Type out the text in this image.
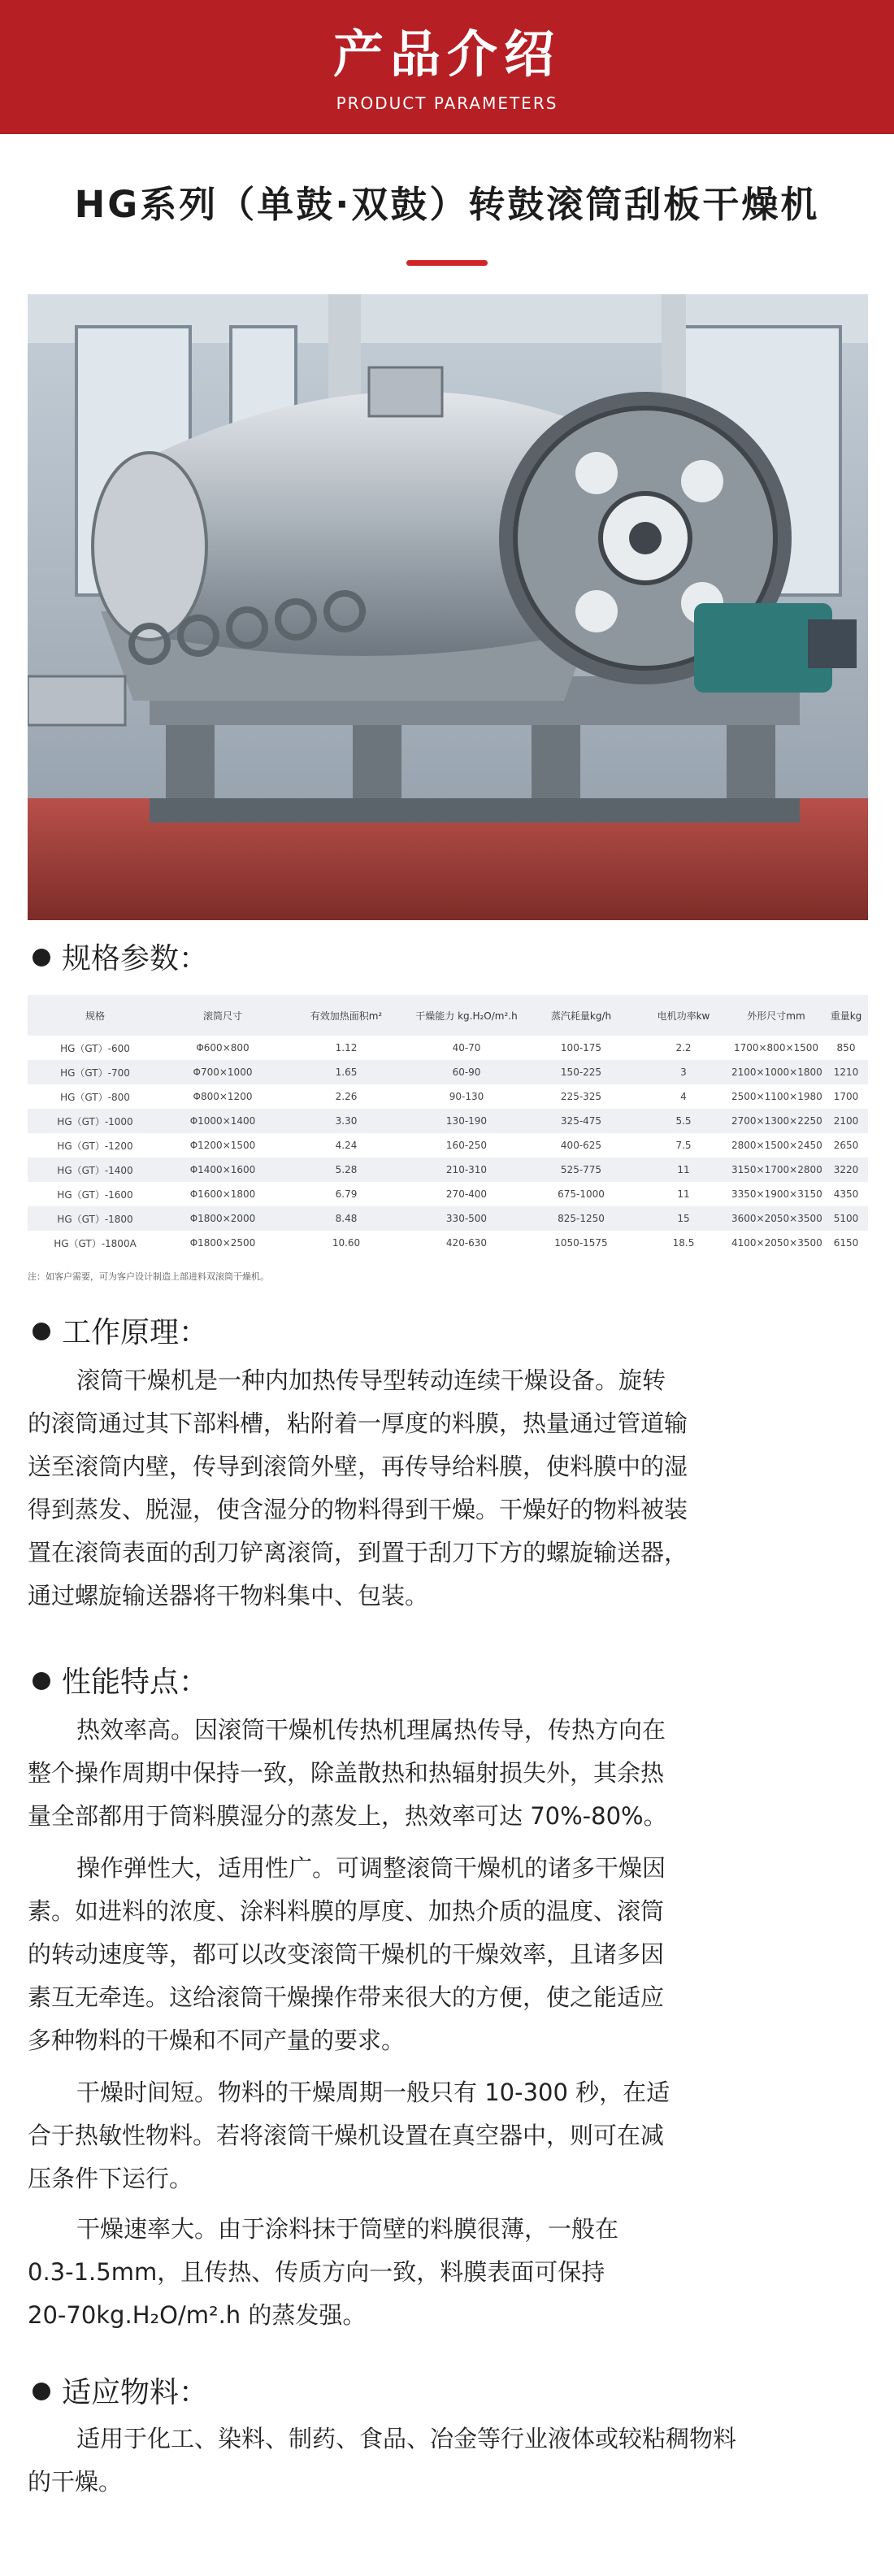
产品介绍
PRODUCT PARAMETERS
HG系列（单鼓·双鼓）转鼓滚筒刮板干燥机
规格参数：
规格	滚筒尺寸	有效加热面积m²	干燥能力 kg.H₂O/m².h	蒸汽耗量kg/h	电机功率kw	外形尺寸mm	重量kg
HG（GT）-600	Φ600×800	1.12	40-70	100-175	2.2	1700×800×1500	850
HG（GT）-700	Φ700×1000	1.65	60-90	150-225	3	2100×1000×1800	1210
HG（GT）-800	Φ800×1200	2.26	90-130	225-325	4	2500×1100×1980	1700
HG（GT）-1000	Φ1000×1400	3.30	130-190	325-475	5.5	2700×1300×2250	2100
HG（GT）-1200	Φ1200×1500	4.24	160-250	400-625	7.5	2800×1500×2450	2650
HG（GT）-1400	Φ1400×1600	5.28	210-310	525-775	11	3150×1700×2800	3220
HG（GT）-1600	Φ1600×1800	6.79	270-400	675-1000	11	3350×1900×3150	4350
HG（GT）-1800	Φ1800×2000	8.48	330-500	825-1250	15	3600×2050×3500	5100
HG（GT）-1800A	Φ1800×2500	10.60	420-630	1050-1575	18.5	4100×2050×3500	6150
注：如客户需要，可为客户设计制造上部进料双滚筒干燥机。
工作原理：
滚筒干燥机是一种内加热传导型转动连续干燥设备。旋转
的滚筒通过其下部料槽，粘附着一厚度的料膜，热量通过管道输
送至滚筒内壁，传导到滚筒外壁，再传导给料膜，使料膜中的湿
得到蒸发、脱湿，使含湿分的物料得到干燥。干燥好的物料被装
置在滚筒表面的刮刀铲离滚筒，到置于刮刀下方的螺旋输送器，
通过螺旋输送器将干物料集中、包装。
性能特点：
热效率高。因滚筒干燥机传热机理属热传导，传热方向在
整个操作周期中保持一致，除盖散热和热辐射损失外，其余热
量全部都用于筒料膜湿分的蒸发上，热效率可达 70%-80%。
操作弹性大，适用性广。可调整滚筒干燥机的诸多干燥因
素。如进料的浓度、涂料料膜的厚度、加热介质的温度、滚筒
的转动速度等，都可以改变滚筒干燥机的干燥效率，且诸多因
素互无牵连。这给滚筒干燥操作带来很大的方便，使之能适应
多种物料的干燥和不同产量的要求。
干燥时间短。物料的干燥周期一般只有 10-300 秒，在适
合于热敏性物料。若将滚筒干燥机设置在真空器中，则可在减
压条件下运行。
干燥速率大。由于涂料抹于筒壁的料膜很薄，一般在
0.3-1.5mm，且传热、传质方向一致，料膜表面可保持
20-70kg.H₂O/m².h 的蒸发强。
适应物料：
适用于化工、染料、制药、食品、冶金等行业液体或较粘稠物料
的干燥。
